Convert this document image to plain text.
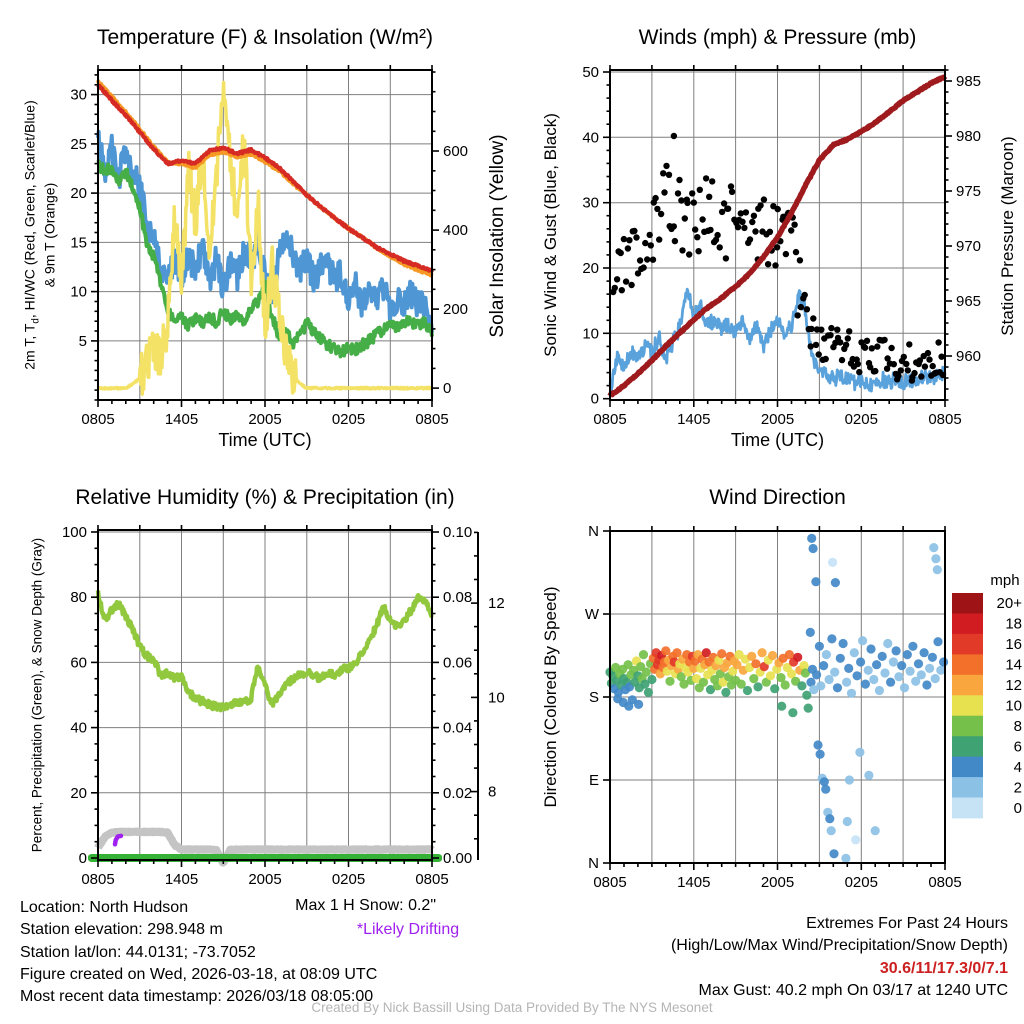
0805	1405	2005	0205	0805
5
10
15
20
25
30
0
200
400
600
0805	1405	2005	0205	0805
0
10
20
30
40
50
960
965
970
975
980
985
0805	1405	2005	0205	0805
0
20
40
60
80
100
0.00
0.02
0.04
0.06
0.08
0.10
8
10
12
0805	1405	2005	0205	0805
N
E
S
W
N
20+
18
16
14
12
10
8
6
4
2
0
mph
Temperature (F) & Insolation (W/m²)	Winds (mph) & Pressure (mb)
Relative Humidity (%) & Precipitation (in)	Wind Direction
Time (UTC)	Time (UTC)
2m T, $T_d$, HI/WC (Red, Green, Scarlet/Blue) & 9m T (Orange)	Solar Insolation (Yellow) Sonic Wind & Gust (Blue, Black)	Station Pressure (Maroon)
Percent, Precipitation (Green), & Snow Depth (Gray)	Direction (Colored By Speed)
Location: North Hudson
Station elevation: 298.948 m
Station lat/lon: 44.0131; -73.7052
Figure created on Wed, 2026-03-18, at 08:09 UTC
Most recent data timestamp: 2026/03/18 08:05:00
Max 1 H Snow: 0.2"
*Likely Drifting	Extremes For Past 24 Hours
(High/Low/Max Wind/Precipitation/Snow Depth)
30.6/11/17.3/0/7.1
Max Gust: 40.2 mph On 03/17 at 1240 UTC
Created By Nick Bassill Using Data Provided By The NYS Mesonet
